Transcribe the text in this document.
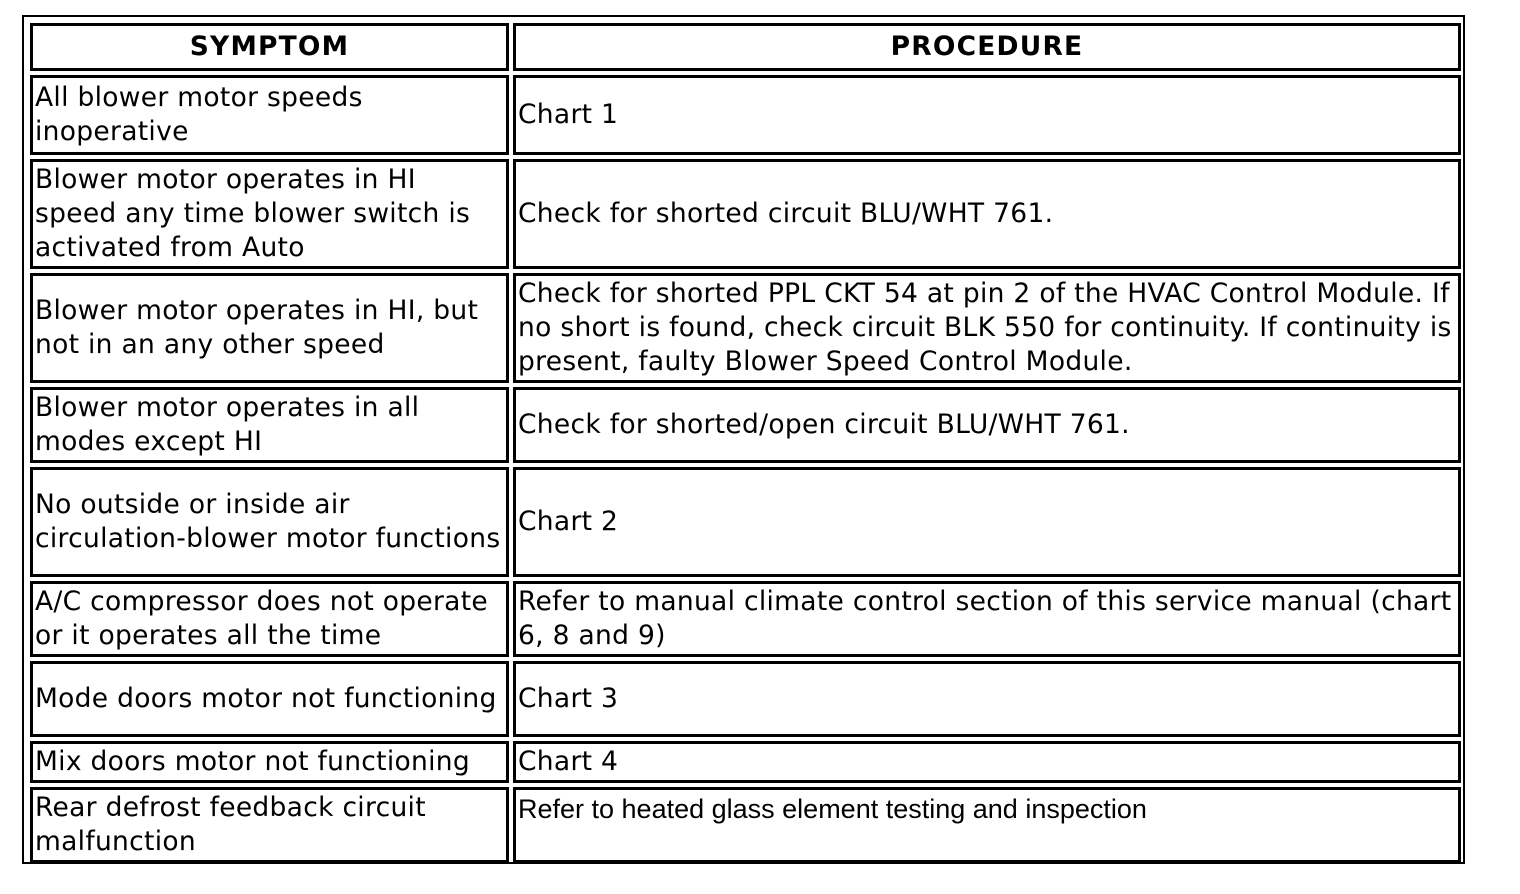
SYMPTOM	PROCEDURE
All blower motor speeds inoperative	Chart 1
Blower motor operates in HI speed any time blower switch is activated from Auto	Check for shorted circuit BLU/WHT 761.
Blower motor operates in HI, but not in an any other speed	Check for shorted PPL CKT 54 at pin 2 of the HVAC Control Module. If no short is found, check circuit BLK 550 for continuity. If continuity is present, faulty Blower Speed Control Module.
Blower motor operates in all modes except HI	Check for shorted/open circuit BLU/WHT 761.
No outside or inside air circulation-blower motor functions	Chart 2
A/C compressor does not operate or it operates all the time	Refer to manual climate control section of this service manual (chart 6, 8 and 9)
Mode doors motor not functioning	Chart 3
Mix doors motor not functioning	Chart 4
Rear defrost feedback circuit malfunction	Refer to heated glass element testing and inspection
